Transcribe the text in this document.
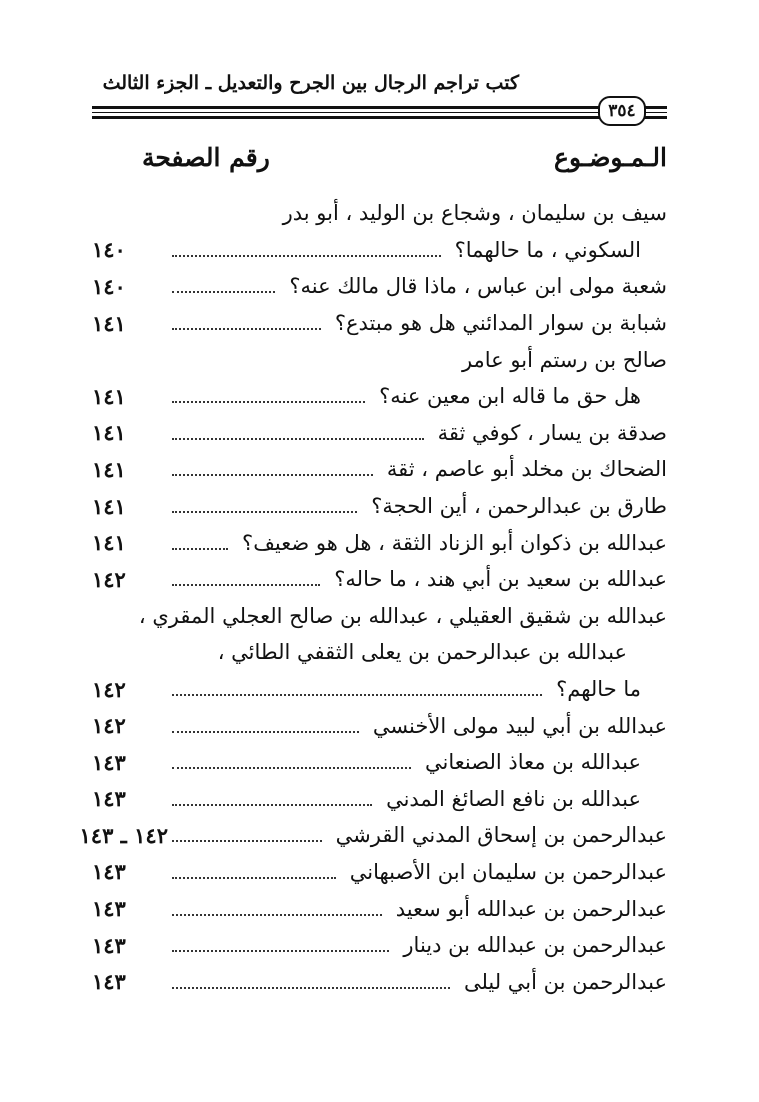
كتب تراجم الرجال بين الجرح والتعديل ـ الجزء الثالث
٣٥٤
الـمـوضـوع
رقم الصفحة
سيف بن سليمان ، وشجاع بن الوليد ، أبو بدر
السكوني ، ما حالهما؟
١٤٠
شعبة مولى ابن عباس ، ماذا قال مالك عنه؟
١٤٠
شبابة بن سوار المدائني هل هو مبتدع؟
١٤١
صالح بن رستم أبو عامر
هل حق ما قاله ابن معين عنه؟
١٤١
صدقة بن يسار ، كوفي ثقة
١٤١
الضحاك بن مخلد أبو عاصم ، ثقة
١٤١
طارق بن عبدالرحمن ، أين الحجة؟
١٤١
عبدالله بن ذكوان أبو الزناد الثقة ، هل هو ضعيف؟
١٤١
عبدالله بن سعيد بن أبي هند ، ما حاله؟
١٤٢
عبدالله بن شقيق العقيلي ، عبدالله بن صالح العجلي المقري ،
عبدالله بن عبدالرحمن بن يعلى الثقفي الطائي ،
ما حالهم؟
١٤٢
عبدالله بن أبي لبيد مولى الأخنسي
١٤٢
عبدالله بن معاذ الصنعاني
١٤٣
عبدالله بن نافع الصائغ المدني
١٤٣
عبدالرحمن بن إسحاق المدني القرشي
١٤٢ ـ ١٤٣
عبدالرحمن بن سليمان ابن الأصبهاني
١٤٣
عبدالرحمن بن عبدالله أبو سعيد
١٤٣
عبدالرحمن بن عبدالله بن دينار
١٤٣
عبدالرحمن بن أبي ليلى
١٤٣
